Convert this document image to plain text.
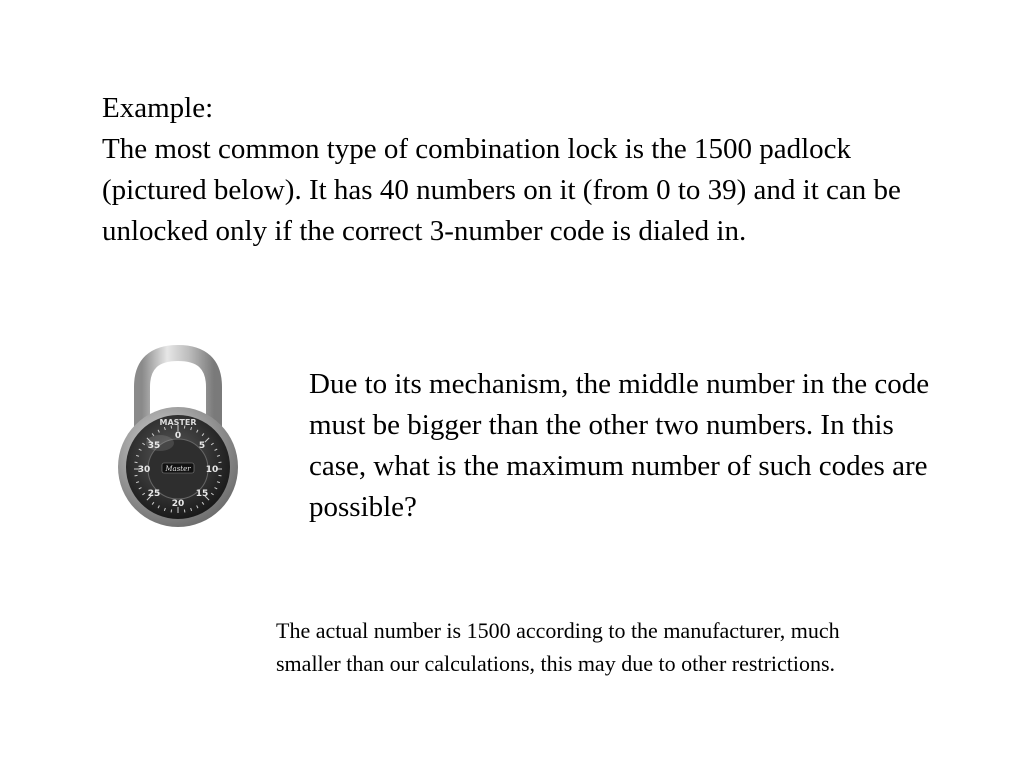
Example:

The most common type of combination lock is the 1500 padlock (pictured below). It has 40 numbers on it (from 0 to 39) and it can be unlocked only if the correct 3-number code is dialed in.

0
5
10
15
20
25
30
35
MASTER
Master
Due to its mechanism, the middle number in the code must be bigger than the other two numbers. In this case, what is the maximum number of such codes are possible?
The actual number is 1500 according to the manufacturer, much smaller than our calculations, this may due to other restrictions.
